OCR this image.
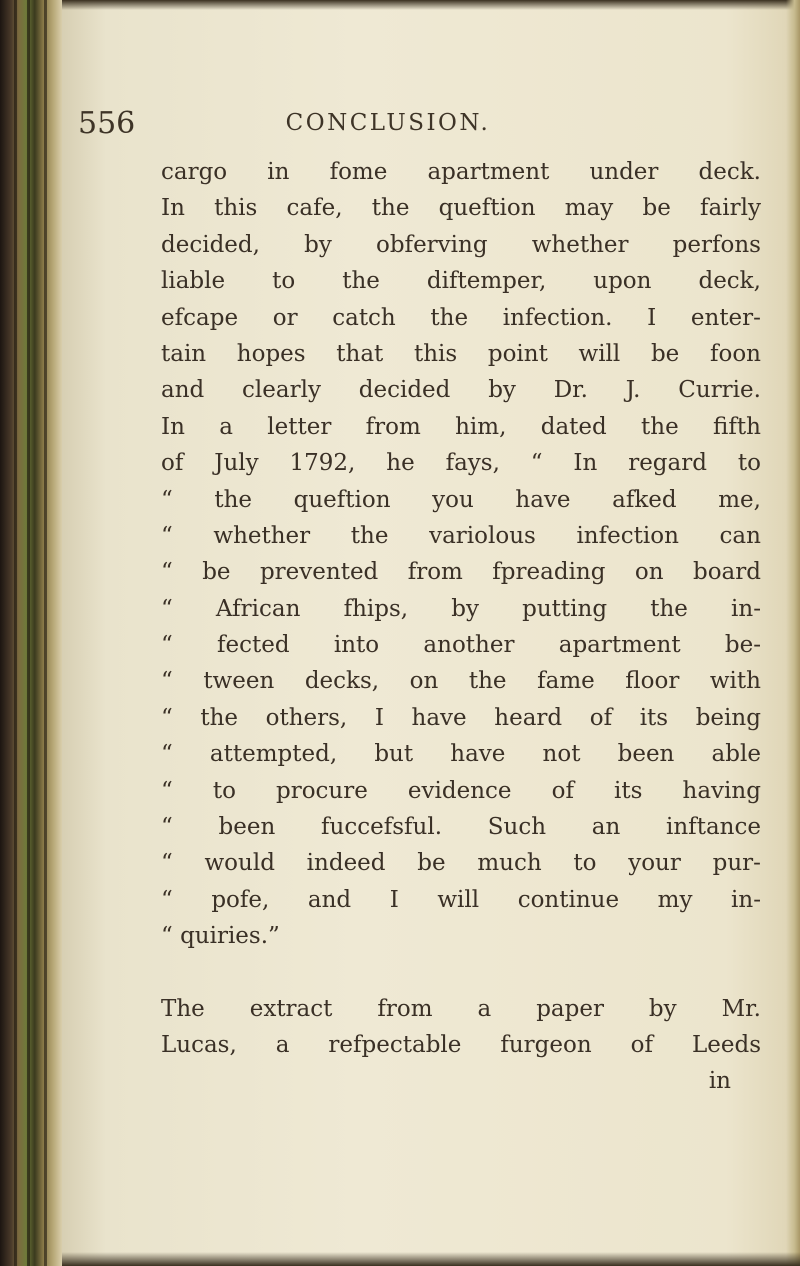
556	CONCLUSION.
cargo in fome apartment under deck.
In this cafe, the queftion may be fairly
decided, by obferving whether perfons
liable to the diftemper, upon deck,
efcape or catch the infection. I enter-
tain hopes that this point will be foon
and clearly decided by Dr. J. Currie.
In a letter from him, dated the fifth
of July 1792, he fays, “ In regard to
“ the queftion you have afked me,
“ whether the variolous infection can
“ be prevented from fpreading on board
“ African fhips, by putting the in-
“ fected into another apartment be-
“ tween decks, on the fame floor with
“ the others, I have heard of its being
“ attempted, but have not been able
“ to procure evidence of its having
“ been fuccefsful. Such an inftance
“ would indeed be much to your pur-
“ pofe, and I will continue my in-
“ quiries.”
The extract from a paper by Mr.
Lucas, a refpectable furgeon of Leeds
in
